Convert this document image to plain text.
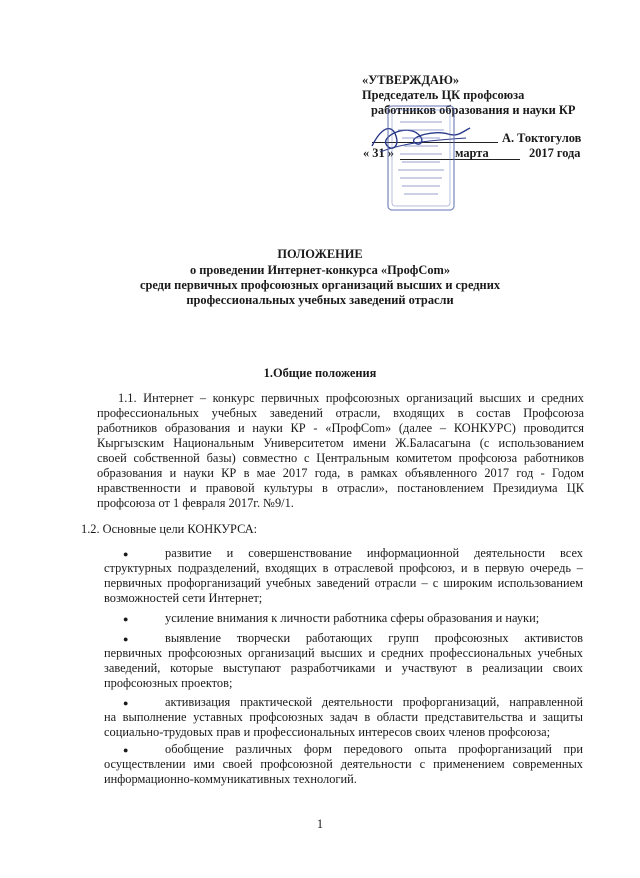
«УТВЕРЖДАЮ»
Председатель ЦК профсоюза
работников образования и науки КР
А. Токтогулов
« 31 »	марта	2017 года
ПОЛОЖЕНИЕ
о проведении Интернет-конкурса «ПрофCom»
среди первичных профсоюзных организаций высших и средних
профессиональных учебных заведений отрасли
1.Общие положения
1.1. Интернет – конкурс первичных профсоюзных организаций высших и средних
профессиональных учебных заведений отрасли, входящих в состав Профсоюза
работников образования и науки КР - «ПрофCom» (далее – КОНКУРС) проводится
Кыргызским Национальным Университетом имени Ж.Баласагына (с использованием
своей собственной базы) совместно с Центральным комитетом профсоюза работников
образования и науки КР в мае 2017 года, в рамках объявленного 2017 год - Годом
нравственности и правовой культуры в отрасли», постановлением Президиума ЦК
профсоюза от 1 февраля 2017г. №9/1.
1.2. Основные цели КОНКУРСА:
●	развитие и совершенствование информационной деятельности всех
структурных подразделений, входящих в отраслевой профсоюз, и в первую очередь –
первичных профорганизаций учебных заведений отрасли – с широким использованием
возможностей сети Интернет;
●	усиление внимания к личности работника сферы образования и науки;
●	выявление творчески работающих групп профсоюзных активистов
первичных профсоюзных организаций высших и средних профессиональных учебных
заведений, которые выступают разработчиками и участвуют в реализации своих
профсоюзных проектов;
●	активизация практической деятельности профорганизаций, направленной
на выполнение уставных профсоюзных задач в области представительства и защиты
социально-трудовых прав и профессиональных интересов своих членов профсоюза;
●	обобщение различных форм передового опыта профорганизаций при
осуществлении ими своей профсоюзной деятельности с применением современных
информационно-коммуникативных технологий.
1
